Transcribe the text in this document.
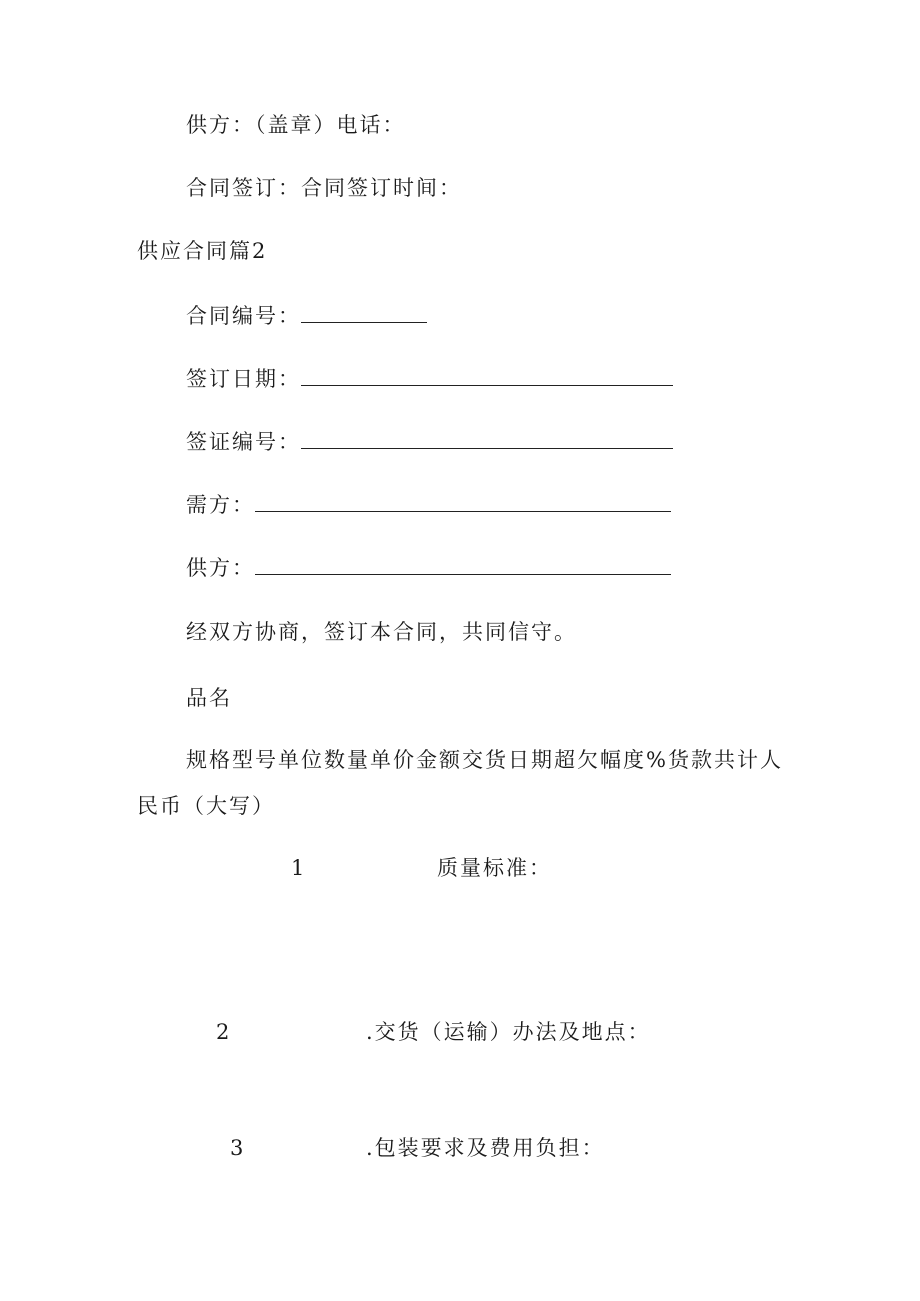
供方：（盖章）电话：
合同签订：合同签订时间：
供应合同篇2
合同编号：
签订日期：
签证编号：
需方：
供方：
经双方协商，签订本合同，共同信守。
品名
规格型号单位数量单价金额交货日期超欠幅度%货款共计人
民币（大写）
1	质量标准：
2	.交货（运输）办法及地点：
3	.包装要求及费用负担：
